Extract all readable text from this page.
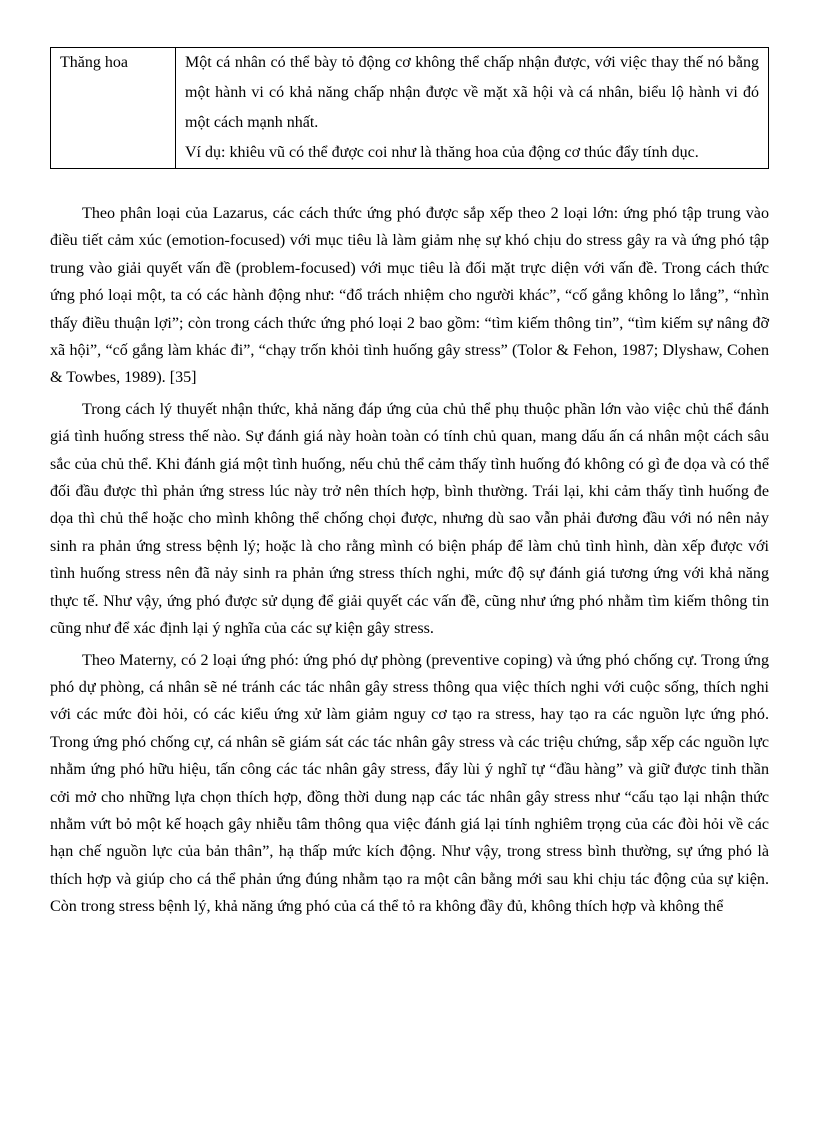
Thăng hoa	Một cá nhân có thể bày tỏ động cơ không thể chấp nhận được, với việc thay thế nó bằng một hành vi có khả năng chấp nhận được về mặt xã hội và cá nhân, biểu lộ hành vi đó một cách mạnh nhất.
Ví dụ: khiêu vũ có thể được coi như là thăng hoa của động cơ thúc đẩy tính dục.

Theo phân loại của Lazarus, các cách thức ứng phó được sắp xếp theo 2 loại lớn: ứng phó tập trung vào điều tiết cảm xúc (emotion-focused) với mục tiêu là làm giảm nhẹ sự khó chịu do stress gây ra và ứng phó tập trung vào giải quyết vấn đề (problem-focused) với mục tiêu là đối mặt trực diện với vấn đề. Trong cách thức ứng phó loại một, ta có các hành động như: “đổ trách nhiệm cho người khác”, “cố gắng không lo lắng”, “nhìn thấy điều thuận lợi”; còn trong cách thức ứng phó loại 2 bao gồm: “tìm kiếm thông tin”, “tìm kiếm sự nâng đỡ xã hội”, “cố gắng làm khác đi”, “chạy trốn khỏi tình huống gây stress” (Tolor & Fehon, 1987; Dlyshaw, Cohen & Towbes, 1989). [35]

Trong cách lý thuyết nhận thức, khả năng đáp ứng của chủ thể phụ thuộc phần lớn vào việc chủ thể đánh giá tình huống stress thế nào. Sự đánh giá này hoàn toàn có tính chủ quan, mang dấu ấn cá nhân một cách sâu sắc của chủ thể. Khi đánh giá một tình huống, nếu chủ thể cảm thấy tình huống đó không có gì đe dọa và có thể đối đầu được thì phản ứng stress lúc này trở nên thích hợp, bình thường. Trái lại, khi cảm thấy tình huống đe dọa thì chủ thể hoặc cho mình không thể chống chọi được, nhưng dù sao vẫn phải đương đầu với nó nên nảy sinh ra phản ứng stress bệnh lý; hoặc là cho rằng mình có biện pháp để làm chủ tình hình, dàn xếp được với tình huống stress nên đã nảy sinh ra phản ứng stress thích nghi, mức độ sự đánh giá tương ứng với khả năng thực tế. Như vậy, ứng phó được sử dụng để giải quyết các vấn đề, cũng như ứng phó nhằm tìm kiếm thông tin cũng như để xác định lại ý nghĩa của các sự kiện gây stress.

Theo Materny, có 2 loại ứng phó: ứng phó dự phòng (preventive coping) và ứng phó chống cự. Trong ứng phó dự phòng, cá nhân sẽ né tránh các tác nhân gây stress thông qua việc thích nghi với cuộc sống, thích nghi với các mức đòi hỏi, có các kiểu ứng xử làm giảm nguy cơ tạo ra stress, hay tạo ra các nguồn lực ứng phó. Trong ứng phó chống cự, cá nhân sẽ giám sát các tác nhân gây stress và các triệu chứng, sắp xếp các nguồn lực nhằm ứng phó hữu hiệu, tấn công các tác nhân gây stress, đẩy lùi ý nghĩ tự “đầu hàng” và giữ được tinh thần cởi mở cho những lựa chọn thích hợp, đồng thời dung nạp các tác nhân gây stress như “cấu tạo lại nhận thức nhằm vứt bỏ một kế hoạch gây nhiễu tâm thông qua việc đánh giá lại tính nghiêm trọng của các đòi hỏi về các hạn chế nguồn lực của bản thân”, hạ thấp mức kích động. Như vậy, trong stress bình thường, sự ứng phó là thích hợp và giúp cho cá thể phản ứng đúng nhằm tạo ra một cân bằng mới sau khi chịu tác động của sự kiện. Còn trong stress bệnh lý, khả năng ứng phó của cá thể tỏ ra không đầy đủ, không thích hợp và không thể
